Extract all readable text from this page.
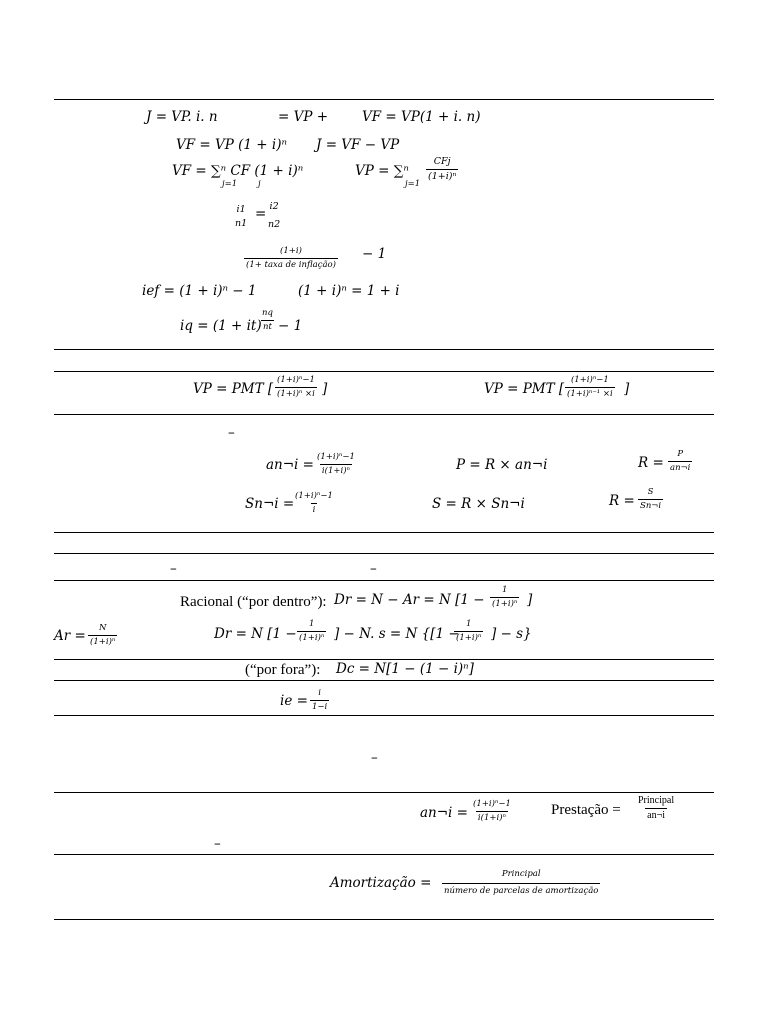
J = VP. i. n	= VP +	VF = VP(1 + i. n)
VF = VP (1 + i)ⁿ J = VF − VP
VF = ∑ⁿ CF (1 + i)ⁿ
j=1 j
VP = ∑ⁿ
j=1
CFj
(1+i)ⁿ
i1
n1
= i2
n2
(1+i)
(1+ taxa de inflação)
− 1
ief = (1 + i)ⁿ − 1	(1 + i)ⁿ = 1 + i
iq = (1 + it)
$\frac{nq}{nt} - 1$
VP = PMT [ $\frac{\text{(1+i)ⁿ−1}}{\text{(1+i)ⁿ ×i}}$ ]	VP = PMT [ $\frac{\text{(1+i)ⁿ−1}}{\text{(1+i)ⁿ⁻¹ ×i}}$ ]
–
an¬i = $\frac{\text{(1+i)ⁿ−1}}{\text{i(1+i)ⁿ}}$	P = R × an¬i	$R = \frac{P}{an\neg i}$
Sn¬i =
$\frac{\text{(1+i)ⁿ−1}}{i}$	S = R × Sn¬i	$R = \frac{S}{Sn\neg i}$
–	–
Racional (“por dentro”): Dr = N − Ar = N [$1 - \frac{1}{\text{(1+i)ⁿ}}$ ]
$Ar = \frac{N}{\text{(1+i)ⁿ}}$	Dr = N [$1 - \frac{1}{\text{(1+i)ⁿ}}$ ] − N. s = N {[1 −
$\frac{1}{\text{(1+i)ⁿ}}$ ] − s}
(“por fora”): Dc = N[1 − (1 − i)ⁿ]
ie = $\frac{i}{1-i}$
–
an¬i = $\frac{\text{(1+i)ⁿ−1}}{\text{i(1+i)ⁿ}}$	Prestação =
Principal
an¬i
–
Amortização =
Principal
número de parcelas de amortização
